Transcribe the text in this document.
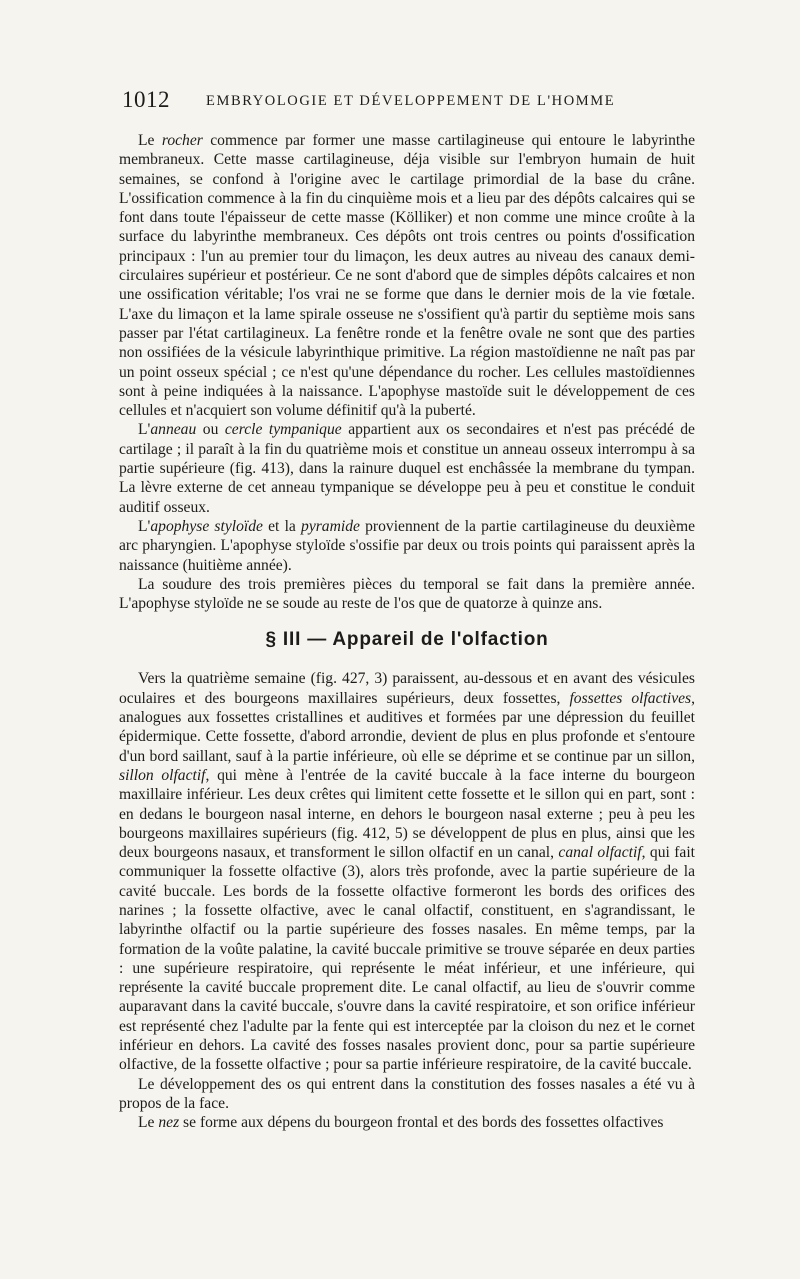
1012 EMBRYOLOGIE ET DÉVELOPPEMENT DE L'HOMME

Le rocher commence par former une masse cartilagineuse qui entoure le labyrinthe membraneux. Cette masse cartilagineuse, déja visible sur l'embryon humain de huit semaines, se confond à l'origine avec le cartilage primordial de la base du crâne. L'ossification commence à la fin du cinquième mois et a lieu par des dépôts calcaires qui se font dans toute l'épaisseur de cette masse (Kölliker) et non comme une mince croûte à la surface du labyrinthe membraneux. Ces dépôts ont trois centres ou points d'ossification principaux : l'un au premier tour du limaçon, les deux autres au niveau des canaux demi-circulaires supérieur et postérieur. Ce ne sont d'abord que de simples dépôts calcaires et non une ossification véritable; l'os vrai ne se forme que dans le dernier mois de la vie fœtale. L'axe du limaçon et la lame spirale osseuse ne s'ossifient qu'à partir du septième mois sans passer par l'état cartilagineux. La fenêtre ronde et la fenêtre ovale ne sont que des parties non ossifiées de la vésicule labyrinthique primitive. La région mastoïdienne ne naît pas par un point osseux spécial ; ce n'est qu'une dépendance du rocher. Les cellules mastoïdiennes sont à peine indiquées à la naissance. L'apophyse mastoïde suit le développement de ces cellules et n'acquiert son volume définitif qu'à la puberté.

L'anneau ou cercle tympanique appartient aux os secondaires et n'est pas précédé de cartilage ; il paraît à la fin du quatrième mois et constitue un anneau osseux interrompu à sa partie supérieure (fig. 413), dans la rainure duquel est enchâssée la membrane du tympan. La lèvre externe de cet anneau tympanique se développe peu à peu et constitue le conduit auditif osseux.

L'apophyse styloïde et la pyramide proviennent de la partie cartilagineuse du deuxième arc pharyngien. L'apophyse styloïde s'ossifie par deux ou trois points qui paraissent après la naissance (huitième année).

La soudure des trois premières pièces du temporal se fait dans la première année. L'apophyse styloïde ne se soude au reste de l'os que de quatorze à quinze ans.

§ III — Appareil de l'olfaction

Vers la quatrième semaine (fig. 427, 3) paraissent, au-dessous et en avant des vésicules oculaires et des bourgeons maxillaires supérieurs, deux fossettes, fossettes olfactives, analogues aux fossettes cristallines et auditives et formées par une dépression du feuillet épidermique. Cette fossette, d'abord arrondie, devient de plus en plus profonde et s'entoure d'un bord saillant, sauf à la partie inférieure, où elle se déprime et se continue par un sillon, sillon olfactif, qui mène à l'entrée de la cavité buccale à la face interne du bourgeon maxillaire inférieur. Les deux crêtes qui limitent cette fossette et le sillon qui en part, sont : en dedans le bourgeon nasal interne, en dehors le bourgeon nasal externe ; peu à peu les bourgeons maxillaires supérieurs (fig. 412, 5) se développent de plus en plus, ainsi que les deux bourgeons nasaux, et transforment le sillon olfactif en un canal, canal olfactif, qui fait communiquer la fossette olfactive (3), alors très profonde, avec la partie supérieure de la cavité buccale. Les bords de la fossette olfactive formeront les bords des orifices des narines ; la fossette olfactive, avec le canal olfactif, constituent, en s'agrandissant, le labyrinthe olfactif ou la partie supérieure des fosses nasales. En même temps, par la formation de la voûte palatine, la cavité buccale primitive se trouve séparée en deux parties : une supérieure respiratoire, qui représente le méat inférieur, et une inférieure, qui représente la cavité buccale proprement dite. Le canal olfactif, au lieu de s'ouvrir comme auparavant dans la cavité buccale, s'ouvre dans la cavité respiratoire, et son orifice inférieur est représenté chez l'adulte par la fente qui est interceptée par la cloison du nez et le cornet inférieur en dehors. La cavité des fosses nasales provient donc, pour sa partie supérieure olfactive, de la fossette olfactive ; pour sa partie inférieure respiratoire, de la cavité buccale.

Le développement des os qui entrent dans la constitution des fosses nasales a été vu à propos de la face.

Le nez se forme aux dépens du bourgeon frontal et des bords des fossettes olfactives
